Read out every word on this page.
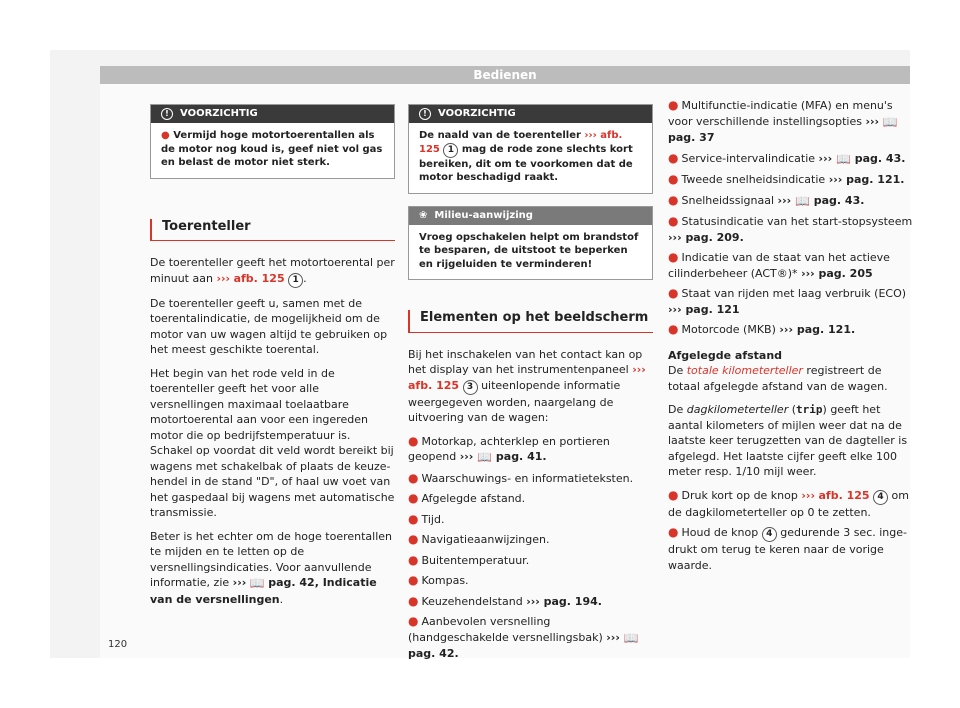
Bedienen
!	VOORZICHTIG
● Vermijd hoge motortoerentallen als de motor nog koud is, geef niet vol gas en belast de motor niet sterk.
Toerenteller

De toerenteller geeft het motortoerental per minuut aan ››› afb. 125 1 .

De toerenteller geeft u, samen met de toerentalindicatie, de mogelijkheid om de motor van uw wagen altijd te gebruiken op het meest geschikte toerental.

Het begin van het rode veld in de toerenteller geeft het voor alle versnellingen maximaal toelaatbare motortoerental aan voor een ingereden motor die op bedrijfstemperatuur is. Schakel op voordat dit veld wordt bereikt bij wagens met schakelbak of plaats de keuzehendel in de stand "D", of haal uw voet van het gaspedaal bij wagens met automatische transmissie.

Beter is het echter om de hoge toerentallen te mijden en te letten op de versnellingsindicaties. Voor aanvullende informatie, zie ››› 📖 pag. 42, Indicatie van de versnellingen.

!	VOORZICHTIG
De naald van de toerenteller ››› afb. 125 1 mag de rode zone slechts kort bereiken, dit om te voorkomen dat de motor beschadigd raakt.
❀ Milieu-aanwijzing
Vroeg opschakelen helpt om brandstof te besparen, de uitstoot te beperken en rijgeluiden te verminderen!
Elementen op het beeldscherm

Bij het inschakelen van het contact kan op het display van het instrumentenpaneel ››› afb. 125 3 uiteenlopende informatie weergegeven worden, naargelang de uitvoering van de wagen:

● Motorkap, achterklep en portieren geopend ››› 📖 pag. 41.
● Waarschuwings- en informatieteksten.
● Afgelegde afstand.
● Tijd.
● Navigatieaanwijzingen.
● Buitentemperatuur.
● Kompas.
● Keuzehendelstand ››› pag. 194.
● Aanbevolen versnelling (handgeschakelde versnellingsbak) ››› 📖 pag. 42.
● Multifunctie-indicatie (MFA) en menu's voor verschillende instellingsopties ››› 📖 pag. 37
● Service-intervalindicatie ››› 📖 pag. 43.
● Tweede snelheidsindicatie ››› pag. 121.
● Snelheidssignaal ››› 📖 pag. 43.
● Statusindicatie van het start-stopsysteem ››› pag. 209.
● Indicatie van de staat van het actieve cilinderbeheer (ACT®)* ››› pag. 205
● Staat van rijden met laag verbruik (ECO) ››› pag. 121
● Motorcode (MKB) ››› pag. 121.
Afgelegde afstand

De totale kilometerteller registreert de totaal afgelegde afstand van de wagen.

De dagkilometerteller (trip) geeft het aantal kilometers of mijlen weer dat na de laatste keer terugzetten van de dagteller is afgelegd. Het laatste cijfer geeft elke 100 meter resp. 1/10 mijl weer.

● Druk kort op de knop ››› afb. 125 4 om de dagkilometerteller op 0 te zetten.
● Houd de knop 4 gedurende 3 sec. ingedrukt om terug te keren naar de vorige waarde.
120
